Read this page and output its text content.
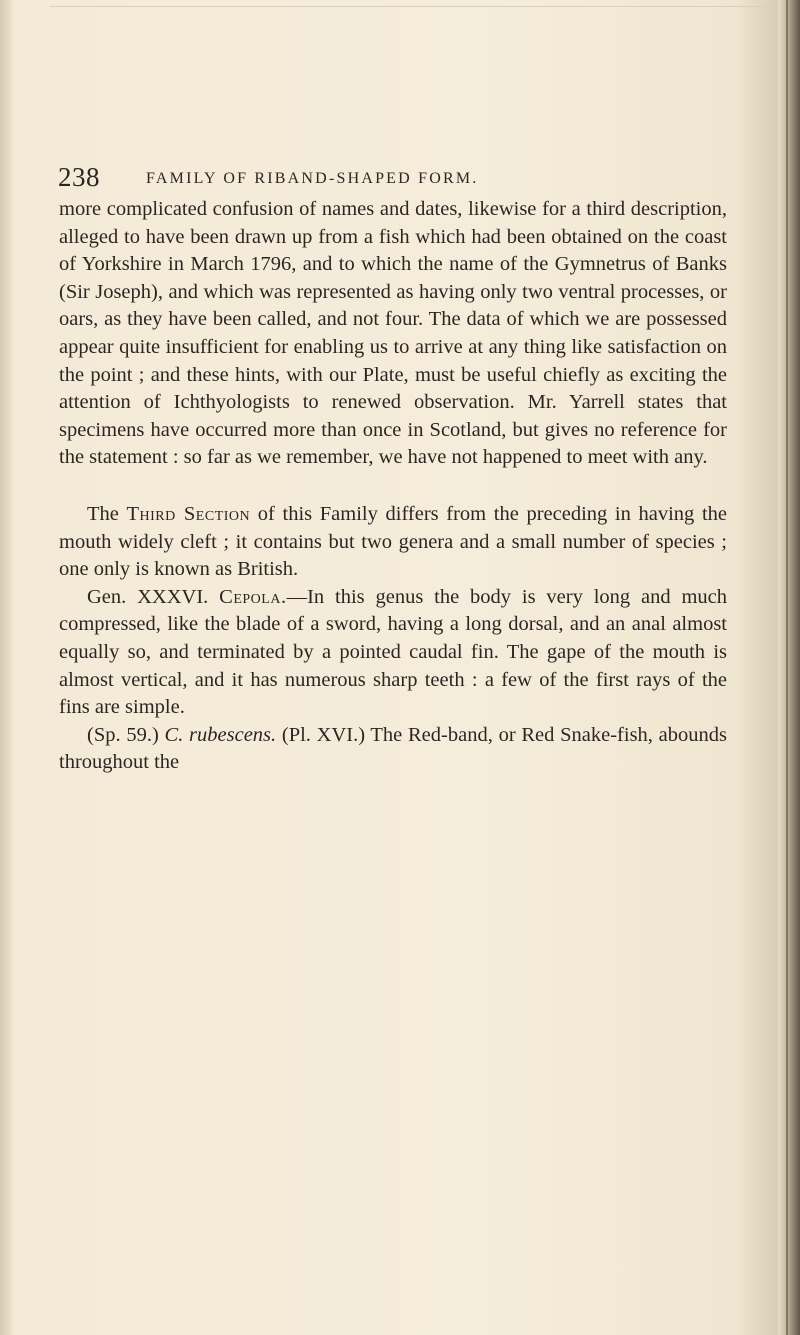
238	FAMILY OF RIBAND-SHAPED FORM.

more complicated confusion of names and dates, likewise for a third description, alleged to have been drawn up from a fish which had been obtained on the coast of Yorkshire in March 1796, and to which the name of the Gymnetrus of Banks (Sir Joseph), and which was represented as having only two ventral processes, or oars, as they have been called, and not four. The data of which we are possessed appear quite insufficient for enabling us to arrive at any thing like satisfaction on the point ; and these hints, with our Plate, must be useful chiefly as exciting the attention of Ichthyologists to renewed observation. Mr. Yarrell states that specimens have occurred more than once in Scotland, but gives no reference for the statement : so far as we remember, we have not happened to meet with any.

The Third Section of this Family differs from the preceding in having the mouth widely cleft ; it contains but two genera and a small number of species ; one only is known as British.

Gen. XXXVI. Cepola.—In this genus the body is very long and much compressed, like the blade of a sword, having a long dorsal, and an anal almost equally so, and terminated by a pointed caudal fin. The gape of the mouth is almost vertical, and it has numerous sharp teeth : a few of the first rays of the fins are simple.

(Sp. 59.) C. rubescens. (Pl. XVI.) The Red-band, or Red Snake-fish, abounds throughout the
